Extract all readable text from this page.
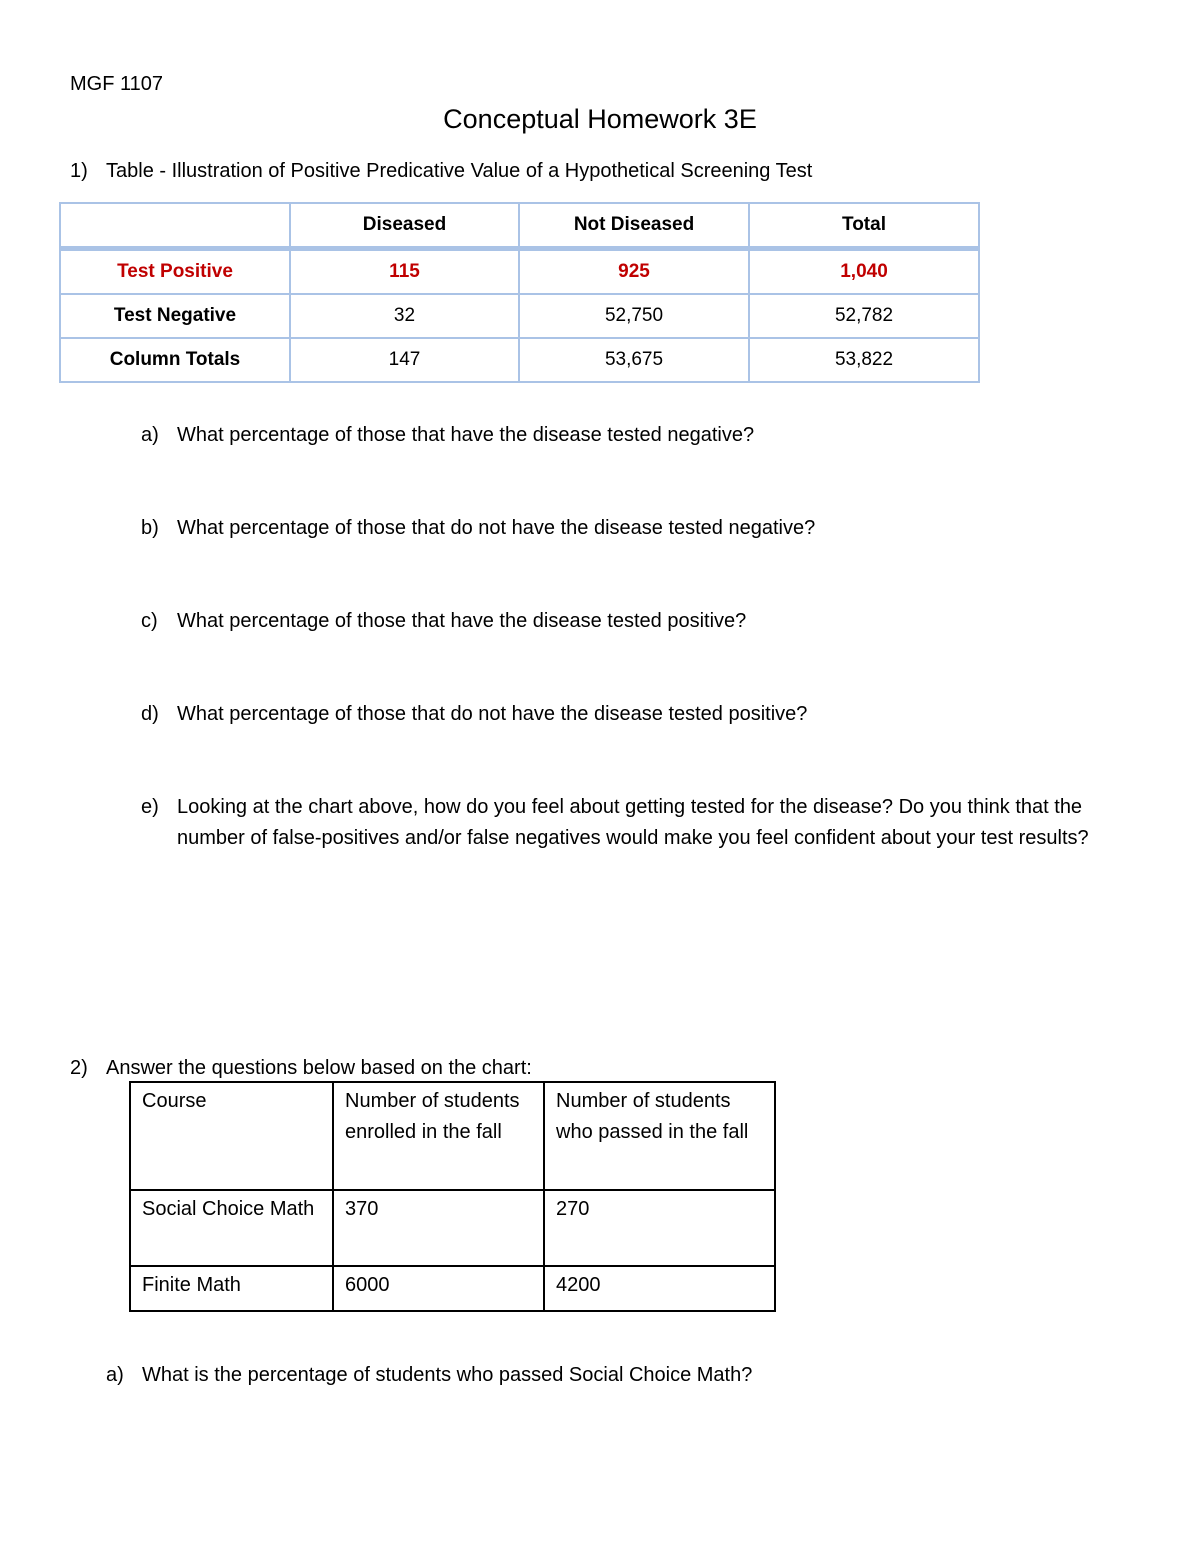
MGF 1107
Conceptual Homework 3E
1) Table - Illustration of Positive Predicative Value of a Hypothetical Screening Test
	Diseased	Not Diseased	Total
Test Positive	115	925	1,040
Test Negative	32	52,750	52,782
Column Totals	147	53,675	53,822
a) What percentage of those that have the disease tested negative?
b) What percentage of those that do not have the disease tested negative?
c) What percentage of those that have the disease tested positive?
d) What percentage of those that do not have the disease tested positive?
e) Looking at the chart above, how do you feel about getting tested for the disease? Do you think that the number of false-positives and/or false negatives would make you feel confident about your test results?
2) Answer the questions below based on the chart:
Course	Number of students enrolled in the fall	Number of students who passed in the fall
Social Choice Math	370	270
Finite Math	6000	4200
a) What is the percentage of students who passed Social Choice Math?
